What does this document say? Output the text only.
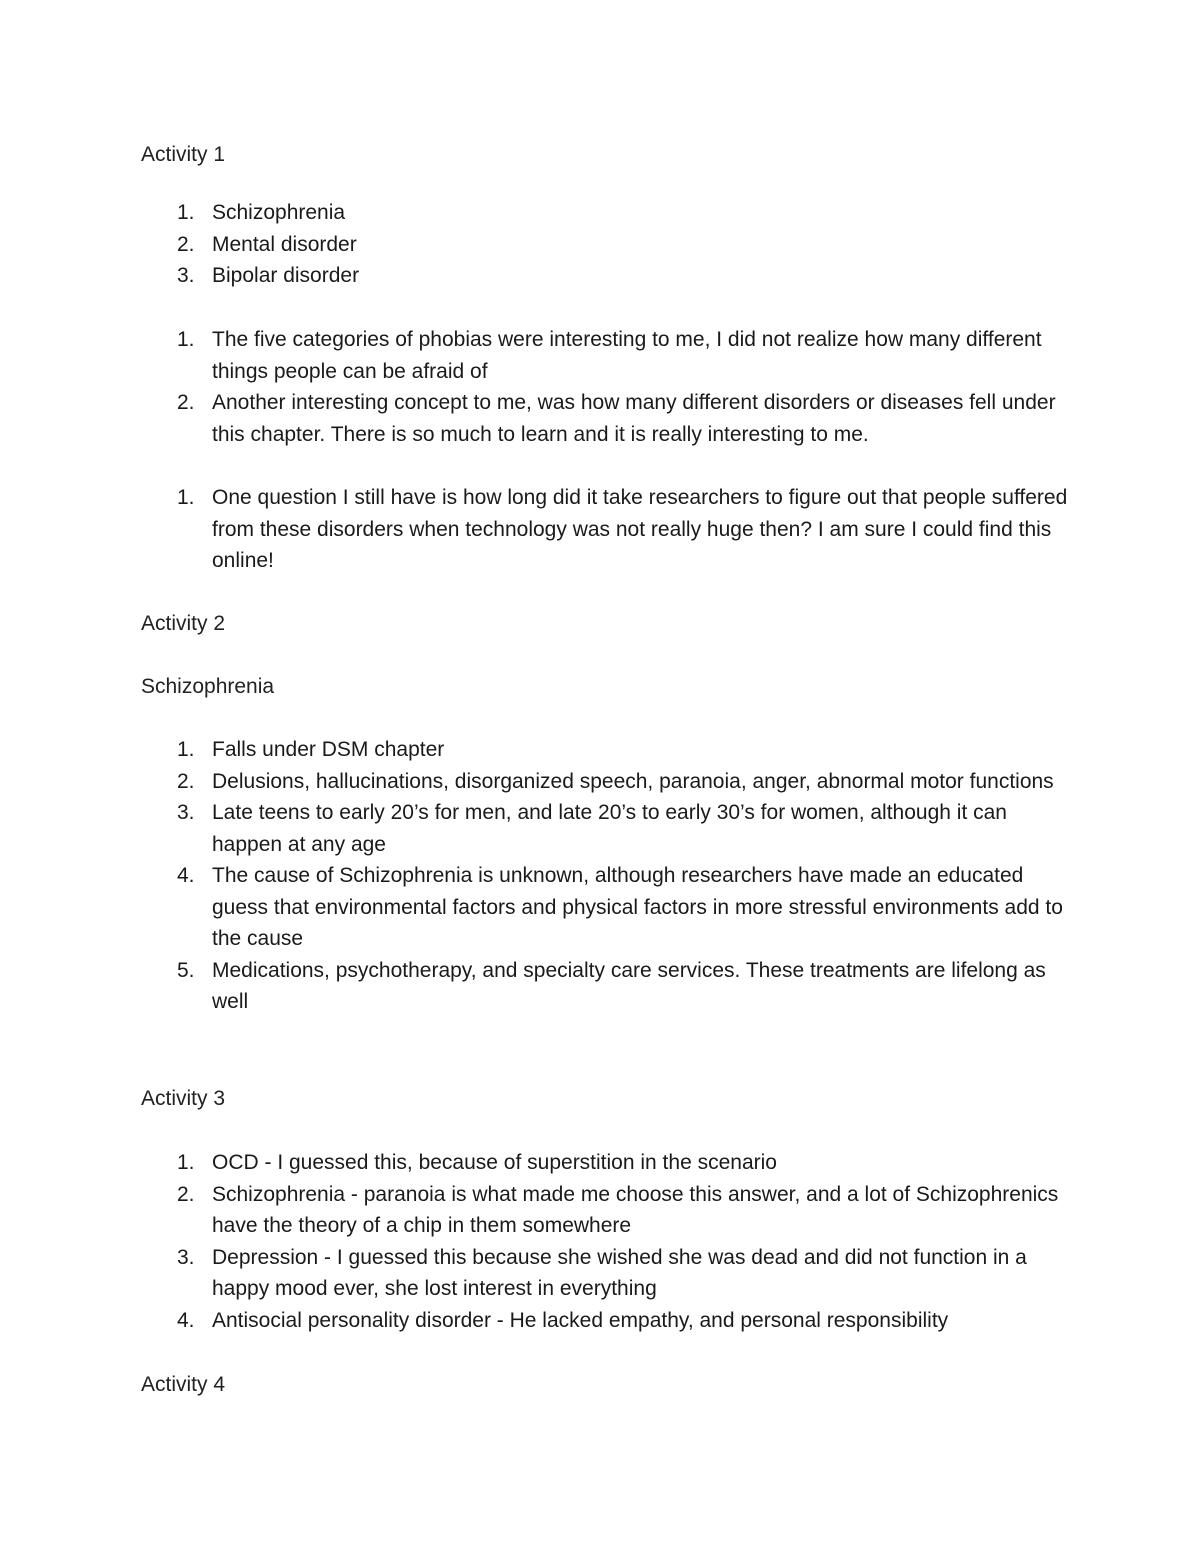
Activity 1
1. Schizophrenia
2. Mental disorder
3. Bipolar disorder
1. The five categories of phobias were interesting to me, I did not realize how many different things people can be afraid of
2. Another interesting concept to me, was how many different disorders or diseases fell under this chapter. There is so much to learn and it is really interesting to me.
1. One question I still have is how long did it take researchers to figure out that people suffered from these disorders when technology was not really huge then? I am sure I could find this online!
Activity 2
Schizophrenia
1. Falls under DSM chapter
2. Delusions, hallucinations, disorganized speech, paranoia, anger, abnormal motor functions
3. Late teens to early 20’s for men, and late 20’s to early 30’s for women, although it can happen at any age
4. The cause of Schizophrenia is unknown, although researchers have made an educated guess that environmental factors and physical factors in more stressful environments add to the cause
5. Medications, psychotherapy, and specialty care services. These treatments are lifelong as well
Activity 3
1. OCD - I guessed this, because of superstition in the scenario
2. Schizophrenia - paranoia is what made me choose this answer, and a lot of Schizophrenics have the theory of a chip in them somewhere
3. Depression - I guessed this because she wished she was dead and did not function in a happy mood ever, she lost interest in everything
4. Antisocial personality disorder - He lacked empathy, and personal responsibility
Activity 4
